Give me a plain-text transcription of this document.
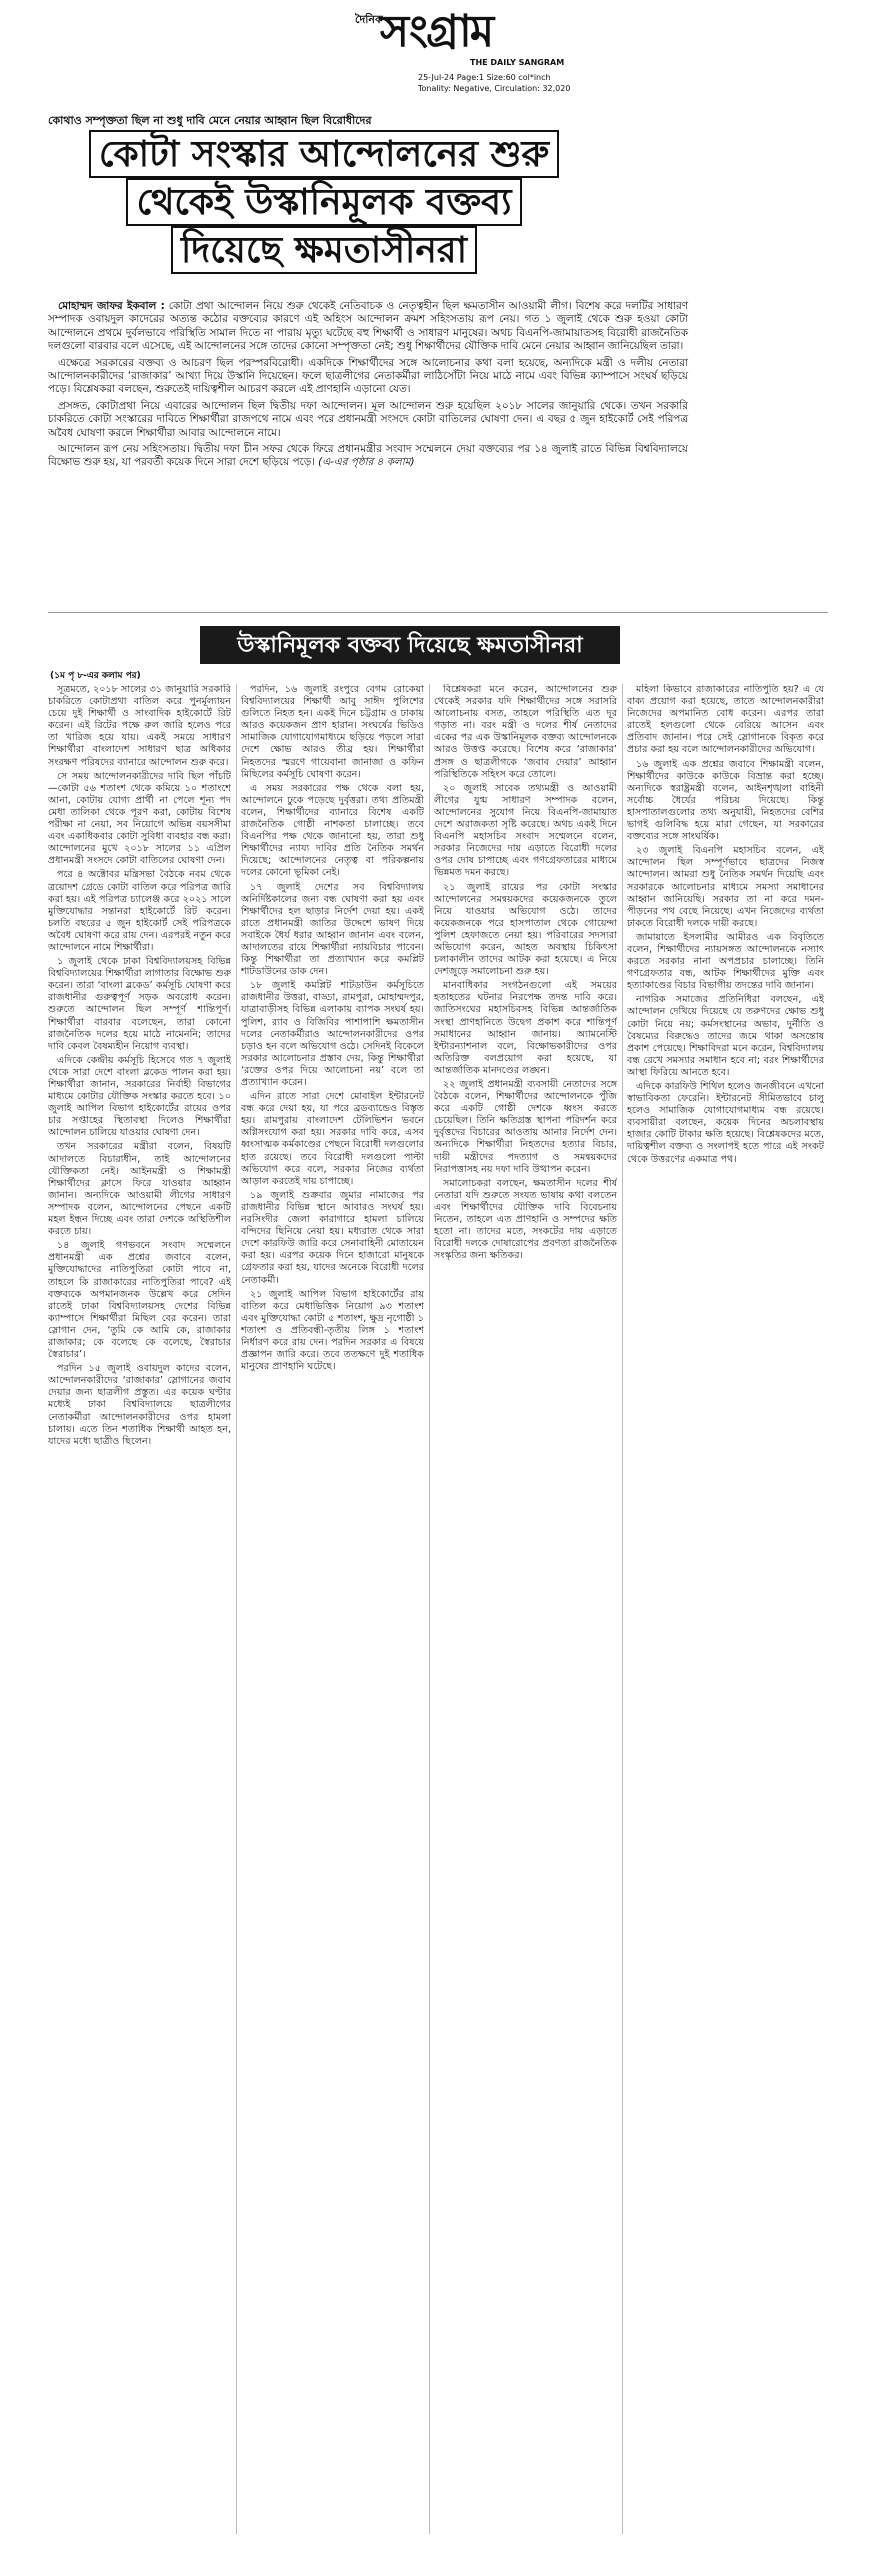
দৈনিক
সংগ্রাম
THE DAILY SANGRAM
25-Jul-24 Page:1 Size:60 col*inch
Tonality: Negative, Circulation: 32,020
কোথাও সম্পৃক্ততা ছিল না শুধু দাবি মেনে নেয়ার আহ্বান ছিল বিরোধীদের
কোটা সংস্কার আন্দোলনের শুরু
থেকেই উস্কানিমূলক বক্তব্য
দিয়েছে ক্ষমতাসীনরা

মোহাম্মদ জাফর ইকবাল : কোটা প্রথা আন্দোলন নিয়ে শুরু থেকেই নেতিবাচক ও নেতৃত্বহীন ছিল ক্ষমতাসীন আওয়ামী লীগ। বিশেষ করে দলটির সাধারণ সম্পাদক ওবায়দুল কাদেরের অত্যন্ত কঠোর বক্তব্যের কারণে এই অহিংস আন্দোলন ক্রমশ সহিংসতায় রূপ নেয়। গত ১ জুলাই থেকে শুরু হওয়া কোটা আন্দোলনে প্রথমে দুর্বলভাবে পরিস্থিতি সামাল দিতে না পারায় মৃত্যু ঘটেছে বহু শিক্ষার্থী ও সাধারণ মানুষের। অথচ বিএনপি-জামায়াতসহ বিরোধী রাজনৈতিক দলগুলো বারবার বলে এসেছে, এই আন্দোলনের সঙ্গে তাদের কোনো সম্পৃক্ততা নেই; শুধু শিক্ষার্থীদের যৌক্তিক দাবি মেনে নেয়ার আহ্বান জানিয়েছিল তারা।

এক্ষেত্রে সরকারের বক্তব্য ও আচরণ ছিল পরস্পরবিরোধী। একদিকে শিক্ষার্থীদের সঙ্গে আলোচনার কথা বলা হয়েছে, অন্যদিকে মন্ত্রী ও দলীয় নেতারা আন্দোলনকারীদের ‘রাজাকার’ আখ্যা দিয়ে উস্কানি দিয়েছেন। ফলে ছাত্রলীগের নেতাকর্মীরা লাঠিসোঁটা নিয়ে মাঠে নামে এবং বিভিন্ন ক্যাম্পাসে সংঘর্ষ ছড়িয়ে পড়ে। বিশ্লেষকরা বলছেন, শুরুতেই দায়িত্বশীল আচরণ করলে এই প্রাণহানি এড়ানো যেত।

প্রসঙ্গত, কোটাপ্রথা নিয়ে এবারের আন্দোলন ছিল দ্বিতীয় দফা আন্দোলন। মূল আন্দোলন শুরু হয়েছিল ২০১৮ সালের জানুয়ারি থেকে। তখন সরকারি চাকরিতে কোটা সংস্কারের দাবিতে শিক্ষার্থীরা রাজপথে নামে এবং পরে প্রধানমন্ত্রী সংসদে কোটা বাতিলের ঘোষণা দেন। এ বছর ৫ জুন হাইকোর্ট সেই পরিপত্র অবৈধ ঘোষণা করলে শিক্ষার্থীরা আবার আন্দোলনে নামে।

আন্দোলন রূপ নেয় সহিংসতায়। দ্বিতীয় দফা চীন সফর থেকে ফিরে প্রধানমন্ত্রীর সংবাদ সম্মেলনে দেয়া বক্তব্যের পর ১৪ জুলাই রাতে বিভিন্ন বিশ্ববিদ্যালয়ে বিক্ষোভ শুরু হয়, যা পরবর্তী কয়েক দিনে সারা দেশে ছড়িয়ে পড়ে। (এ-এর পৃষ্ঠার ৪ কলাম)

উস্কানিমূলক বক্তব্য দিয়েছে ক্ষমতাসীনরা
(১ম পৃ ৮-এর কলাম পর)

সূত্রমতে, ২০১৮ সালের ৩১ জানুয়ারি সরকারি চাকরিতে কোটাপ্রথা বাতিল করে পুনর্মূল্যায়ন চেয়ে দুই শিক্ষার্থী ও সাংবাদিক হাইকোর্টে রিট করেন। এই রিটের পক্ষে রুল জারি হলেও পরে তা খারিজ হয়ে যায়। একই সময়ে সাধারণ শিক্ষার্থীরা বাংলাদেশ সাধারণ ছাত্র অধিকার সংরক্ষণ পরিষদের ব্যানারে আন্দোলন শুরু করে।

সে সময় আন্দোলনকারীদের দাবি ছিল পাঁচটি—কোটা ৫৬ শতাংশ থেকে কমিয়ে ১০ শতাংশে আনা, কোটায় যোগ্য প্রার্থী না পেলে শূন্য পদ মেধা তালিকা থেকে পূরণ করা, কোটায় বিশেষ পরীক্ষা না নেয়া, সব নিয়োগে অভিন্ন বয়সসীমা এবং একাধিকবার কোটা সুবিধা ব্যবহার বন্ধ করা। আন্দোলনের মুখে ২০১৮ সালের ১১ এপ্রিল প্রধানমন্ত্রী সংসদে কোটা বাতিলের ঘোষণা দেন।

পরে ৪ অক্টোবর মন্ত্রিসভা বৈঠকে নবম থেকে ত্রয়োদশ গ্রেডে কোটা বাতিল করে পরিপত্র জারি করা হয়। এই পরিপত্র চ্যালেঞ্জ করে ২০২১ সালে মুক্তিযোদ্ধার সন্তানরা হাইকোর্টে রিট করেন। চলতি বছরের ৫ জুন হাইকোর্ট সেই পরিপত্রকে অবৈধ ঘোষণা করে রায় দেন। এরপরই নতুন করে আন্দোলনে নামে শিক্ষার্থীরা।

১ জুলাই থেকে ঢাকা বিশ্ববিদ্যালয়সহ বিভিন্ন বিশ্ববিদ্যালয়ের শিক্ষার্থীরা লাগাতার বিক্ষোভ শুরু করেন। তারা ‘বাংলা ব্লকেড’ কর্মসূচি ঘোষণা করে রাজধানীর গুরুত্বপূর্ণ সড়ক অবরোধ করেন। শুরুতে আন্দোলন ছিল সম্পূর্ণ শান্তিপূর্ণ। শিক্ষার্থীরা বারবার বলেছেন, তারা কোনো রাজনৈতিক দলের হয়ে মাঠে নামেননি; তাদের দাবি কেবল বৈষম্যহীন নিয়োগ ব্যবস্থা।

এদিকে কেন্দ্রীয় কর্মসূচি হিসেবে গত ৭ জুলাই থেকে সারা দেশে বাংলা ব্লকেড পালন করা হয়। শিক্ষার্থীরা জানান, সরকারের নির্বাহী বিভাগের মাধ্যমে কোটার যৌক্তিক সংস্কার করতে হবে। ১০ জুলাই আপিল বিভাগ হাইকোর্টের রায়ের ওপর চার সপ্তাহের স্থিতাবস্থা দিলেও শিক্ষার্থীরা আন্দোলন চালিয়ে যাওয়ার ঘোষণা দেন।

তখন সরকারের মন্ত্রীরা বলেন, বিষয়টি আদালতে বিচারাধীন, তাই আন্দোলনের যৌক্তিকতা নেই। আইনমন্ত্রী ও শিক্ষামন্ত্রী শিক্ষার্থীদের ক্লাসে ফিরে যাওয়ার আহ্বান জানান। অন্যদিকে আওয়ামী লীগের সাধারণ সম্পাদক বলেন, আন্দোলনের পেছনে একটি মহল ইন্ধন দিচ্ছে এবং তারা দেশকে অস্থিতিশীল করতে চায়।

১৪ জুলাই গণভবনে সংবাদ সম্মেলনে প্রধানমন্ত্রী এক প্রশ্নের জবাবে বলেন, মুক্তিযোদ্ধাদের নাতিপুতিরা কোটা পাবে না, তাহলে কি রাজাকারের নাতিপুতিরা পাবে? এই বক্তব্যকে অপমানজনক উল্লেখ করে সেদিন রাতেই ঢাকা বিশ্ববিদ্যালয়সহ দেশের বিভিন্ন ক্যাম্পাসে শিক্ষার্থীরা মিছিল বের করেন। তারা স্লোগান দেন, ‘তুমি কে আমি কে, রাজাকার রাজাকার; কে বলেছে কে বলেছে, স্বৈরাচার স্বৈরাচার’।

পরদিন ১৫ জুলাই ওবায়দুল কাদের বলেন, আন্দোলনকারীদের ‘রাজাকার’ স্লোগানের জবাব দেয়ার জন্য ছাত্রলীগ প্রস্তুত। এর কয়েক ঘণ্টার মধ্যেই ঢাকা বিশ্ববিদ্যালয়ে ছাত্রলীগের নেতাকর্মীরা আন্দোলনকারীদের ওপর হামলা চালায়। এতে তিন শতাধিক শিক্ষার্থী আহত হন, যাদের মধ্যে ছাত্রীও ছিলেন।

পরদিন, ১৬ জুলাই রংপুরে বেগম রোকেয়া বিশ্ববিদ্যালয়ের শিক্ষার্থী আবু সাঈদ পুলিশের গুলিতে নিহত হন। একই দিনে চট্টগ্রাম ও ঢাকায় আরও কয়েকজন প্রাণ হারান। সংঘর্ষের ভিডিও সামাজিক যোগাযোগমাধ্যমে ছড়িয়ে পড়লে সারা দেশে ক্ষোভ আরও তীব্র হয়। শিক্ষার্থীরা নিহতদের স্মরণে গায়েবানা জানাজা ও কফিন মিছিলের কর্মসূচি ঘোষণা করেন।

এ সময় সরকারের পক্ষ থেকে বলা হয়, আন্দোলনে ঢুকে পড়েছে দুর্বৃত্তরা। তথ্য প্রতিমন্ত্রী বলেন, শিক্ষার্থীদের ব্যানারে বিশেষ একটি রাজনৈতিক গোষ্ঠী নাশকতা চালাচ্ছে। তবে বিএনপির পক্ষ থেকে জানানো হয়, তারা শুধু শিক্ষার্থীদের ন্যায্য দাবির প্রতি নৈতিক সমর্থন দিয়েছে; আন্দোলনের নেতৃত্ব বা পরিকল্পনায় দলের কোনো ভূমিকা নেই।

১৭ জুলাই দেশের সব বিশ্ববিদ্যালয় অনির্দিষ্টকালের জন্য বন্ধ ঘোষণা করা হয় এবং শিক্ষার্থীদের হল ছাড়ার নির্দেশ দেয়া হয়। একই রাতে প্রধানমন্ত্রী জাতির উদ্দেশে ভাষণ দিয়ে সবাইকে ধৈর্য ধরার আহ্বান জানান এবং বলেন, আদালতের রায়ে শিক্ষার্থীরা ন্যায়বিচার পাবেন। কিন্তু শিক্ষার্থীরা তা প্রত্যাখ্যান করে কমপ্লিট শাটডাউনের ডাক দেন।

১৮ জুলাই কমপ্লিট শাটডাউন কর্মসূচিতে রাজধানীর উত্তরা, বাড্ডা, রামপুরা, মোহাম্মদপুর, যাত্রাবাড়ীসহ বিভিন্ন এলাকায় ব্যাপক সংঘর্ষ হয়। পুলিশ, র‌্যাব ও বিজিবির পাশাপাশি ক্ষমতাসীন দলের নেতাকর্মীরাও আন্দোলনকারীদের ওপর চড়াও হন বলে অভিযোগ ওঠে। সেদিনই বিকেলে সরকার আলোচনার প্রস্তাব দেয়, কিন্তু শিক্ষার্থীরা ‘রক্তের ওপর দিয়ে আলোচনা নয়’ বলে তা প্রত্যাখ্যান করেন।

এদিন রাতে সারা দেশে মোবাইল ইন্টারনেট বন্ধ করে দেয়া হয়, যা পরে ব্রডব্যান্ডেও বিস্তৃত হয়। রামপুরায় বাংলাদেশ টেলিভিশন ভবনে অগ্নিসংযোগ করা হয়। সরকার দাবি করে, এসব ধ্বংসাত্মক কর্মকাণ্ডের পেছনে বিরোধী দলগুলোর হাত রয়েছে। তবে বিরোধী দলগুলো পাল্টা অভিযোগ করে বলে, সরকার নিজের ব্যর্থতা আড়াল করতেই দায় চাপাচ্ছে।

১৯ জুলাই শুক্রবার জুমার নামাজের পর রাজধানীর বিভিন্ন স্থানে আবারও সংঘর্ষ হয়। নরসিংদীর জেলা কারাগারে হামলা চালিয়ে বন্দিদের ছিনিয়ে নেয়া হয়। মধ্যরাত থেকে সারা দেশে কারফিউ জারি করে সেনাবাহিনী মোতায়েন করা হয়। এরপর কয়েক দিনে হাজারো মানুষকে গ্রেফতার করা হয়, যাদের অনেকে বিরোধী দলের নেতাকর্মী।

২১ জুলাই আপিল বিভাগ হাইকোর্টের রায় বাতিল করে মেধাভিত্তিক নিয়োগ ৯৩ শতাংশ এবং মুক্তিযোদ্ধা কোটা ৫ শতাংশ, ক্ষুদ্র নৃগোষ্ঠী ১ শতাংশ ও প্রতিবন্ধী-তৃতীয় লিঙ্গ ১ শতাংশ নির্ধারণ করে রায় দেন। পরদিন সরকার এ বিষয়ে প্রজ্ঞাপন জারি করে। তবে ততক্ষণে দুই শতাধিক মানুষের প্রাণহানি ঘটেছে।

বিশ্লেষকরা মনে করেন, আন্দোলনের শুরু থেকেই সরকার যদি শিক্ষার্থীদের সঙ্গে সরাসরি আলোচনায় বসত, তাহলে পরিস্থিতি এত দূর গড়াত না। বরং মন্ত্রী ও দলের শীর্ষ নেতাদের একের পর এক উস্কানিমূলক বক্তব্য আন্দোলনকে আরও উত্তপ্ত করেছে। বিশেষ করে ‘রাজাকার’ প্রসঙ্গ ও ছাত্রলীগকে ‘জবাব দেয়ার’ আহ্বান পরিস্থিতিকে সহিংস করে তোলে।

২০ জুলাই সাবেক তথ্যমন্ত্রী ও আওয়ামী লীগের যুগ্ম সাধারণ সম্পাদক বলেন, আন্দোলনের সুযোগ নিয়ে বিএনপি-জামায়াত দেশে অরাজকতা সৃষ্টি করেছে। অথচ একই দিনে বিএনপি মহাসচিব সংবাদ সম্মেলনে বলেন, সরকার নিজেদের দায় এড়াতে বিরোধী দলের ওপর দোষ চাপাচ্ছে এবং গণগ্রেফতারের মাধ্যমে ভিন্নমত দমন করছে।

২১ জুলাই রায়ের পর কোটা সংস্কার আন্দোলনের সমন্বয়কদের কয়েকজনকে তুলে নিয়ে যাওয়ার অভিযোগ ওঠে। তাদের কয়েকজনকে পরে হাসপাতাল থেকে গোয়েন্দা পুলিশ হেফাজতে নেয়া হয়। পরিবারের সদস্যরা অভিযোগ করেন, আহত অবস্থায় চিকিৎসা চলাকালীন তাদের আটক করা হয়েছে। এ নিয়ে দেশজুড়ে সমালোচনা শুরু হয়।

মানবাধিকার সংগঠনগুলো এই সময়ের হতাহতের ঘটনার নিরপেক্ষ তদন্ত দাবি করে। জাতিসংঘের মহাসচিবসহ বিভিন্ন আন্তর্জাতিক সংস্থা প্রাণহানিতে উদ্বেগ প্রকাশ করে শান্তিপূর্ণ সমাধানের আহ্বান জানায়। অ্যামনেস্টি ইন্টারন্যাশনাল বলে, বিক্ষোভকারীদের ওপর অতিরিক্ত বলপ্রয়োগ করা হয়েছে, যা আন্তর্জাতিক মানদণ্ডের লঙ্ঘন।

২২ জুলাই প্রধানমন্ত্রী ব্যবসায়ী নেতাদের সঙ্গে বৈঠকে বলেন, শিক্ষার্থীদের আন্দোলনকে পুঁজি করে একটি গোষ্ঠী দেশকে ধ্বংস করতে চেয়েছিল। তিনি ক্ষতিগ্রস্ত স্থাপনা পরিদর্শন করে দুর্বৃত্তদের বিচারের আওতায় আনার নির্দেশ দেন। অন্যদিকে শিক্ষার্থীরা নিহতদের হত্যার বিচার, দায়ী মন্ত্রীদের পদত্যাগ ও সমন্বয়কদের নিরাপত্তাসহ নয় দফা দাবি উত্থাপন করেন।

সমালোচকরা বলছেন, ক্ষমতাসীন দলের শীর্ষ নেতারা যদি শুরুতে সংযত ভাষায় কথা বলতেন এবং শিক্ষার্থীদের যৌক্তিক দাবি বিবেচনায় নিতেন, তাহলে এত প্রাণহানি ও সম্পদের ক্ষতি হতো না। তাদের মতে, সংকটের দায় এড়াতে বিরোধী দলকে দোষারোপের প্রবণতা রাজনৈতিক সংস্কৃতির জন্য ক্ষতিকর।

মহিলা কিভাবে রাজাকারের নাতিপুতি হয়? এ যে বাক্য প্রয়োগ করা হয়েছে, তাতে আন্দোলনকারীরা নিজেদের অপমানিত বোধ করেন। এরপর তারা রাতেই হলগুলো থেকে বেরিয়ে আসেন এবং প্রতিবাদ জানান। পরে সেই স্লোগানকে বিকৃত করে প্রচার করা হয় বলে আন্দোলনকারীদের অভিযোগ।

১৬ জুলাই এক প্রশ্নের জবাবে শিক্ষামন্ত্রী বলেন, শিক্ষার্থীদের কাউকে কাউকে বিভ্রান্ত করা হচ্ছে। অন্যদিকে স্বরাষ্ট্রমন্ত্রী বলেন, আইনশৃঙ্খলা বাহিনী সর্বোচ্চ ধৈর্যের পরিচয় দিয়েছে। কিন্তু হাসপাতালগুলোর তথ্য অনুযায়ী, নিহতদের বেশির ভাগই গুলিবিদ্ধ হয়ে মারা গেছেন, যা সরকারের বক্তব্যের সঙ্গে সাংঘর্ষিক।

২৩ জুলাই বিএনপি মহাসচিব বলেন, এই আন্দোলন ছিল সম্পূর্ণভাবে ছাত্রদের নিজস্ব আন্দোলন। আমরা শুধু নৈতিক সমর্থন দিয়েছি এবং সরকারকে আলোচনার মাধ্যমে সমস্যা সমাধানের আহ্বান জানিয়েছি। সরকার তা না করে দমন-পীড়নের পথ বেছে নিয়েছে। এখন নিজেদের ব্যর্থতা ঢাকতে বিরোধী দলকে দায়ী করছে।

জামায়াতে ইসলামীর আমীরও এক বিবৃতিতে বলেন, শিক্ষার্থীদের ন্যায়সঙ্গত আন্দোলনকে নস্যাৎ করতে সরকার নানা অপপ্রচার চালাচ্ছে। তিনি গণগ্রেফতার বন্ধ, আটক শিক্ষার্থীদের মুক্তি এবং হত্যাকাণ্ডের বিচার বিভাগীয় তদন্তের দাবি জানান।

নাগরিক সমাজের প্রতিনিধিরা বলছেন, এই আন্দোলন দেখিয়ে দিয়েছে যে তরুণদের ক্ষোভ শুধু কোটা নিয়ে নয়; কর্মসংস্থানের অভাব, দুর্নীতি ও বৈষম্যের বিরুদ্ধেও তাদের জমে থাকা অসন্তোষ প্রকাশ পেয়েছে। শিক্ষাবিদরা মনে করেন, বিশ্ববিদ্যালয় বন্ধ রেখে সমস্যার সমাধান হবে না; বরং শিক্ষার্থীদের আস্থা ফিরিয়ে আনতে হবে।

এদিকে কারফিউ শিথিল হলেও জনজীবনে এখনো স্বাভাবিকতা ফেরেনি। ইন্টারনেট সীমিতভাবে চালু হলেও সামাজিক যোগাযোগমাধ্যম বন্ধ রয়েছে। ব্যবসায়ীরা বলছেন, কয়েক দিনের অচলাবস্থায় হাজার কোটি টাকার ক্ষতি হয়েছে। বিশ্লেষকদের মতে, দায়িত্বশীল বক্তব্য ও সংলাপই হতে পারে এই সংকট থেকে উত্তরণের একমাত্র পথ।
